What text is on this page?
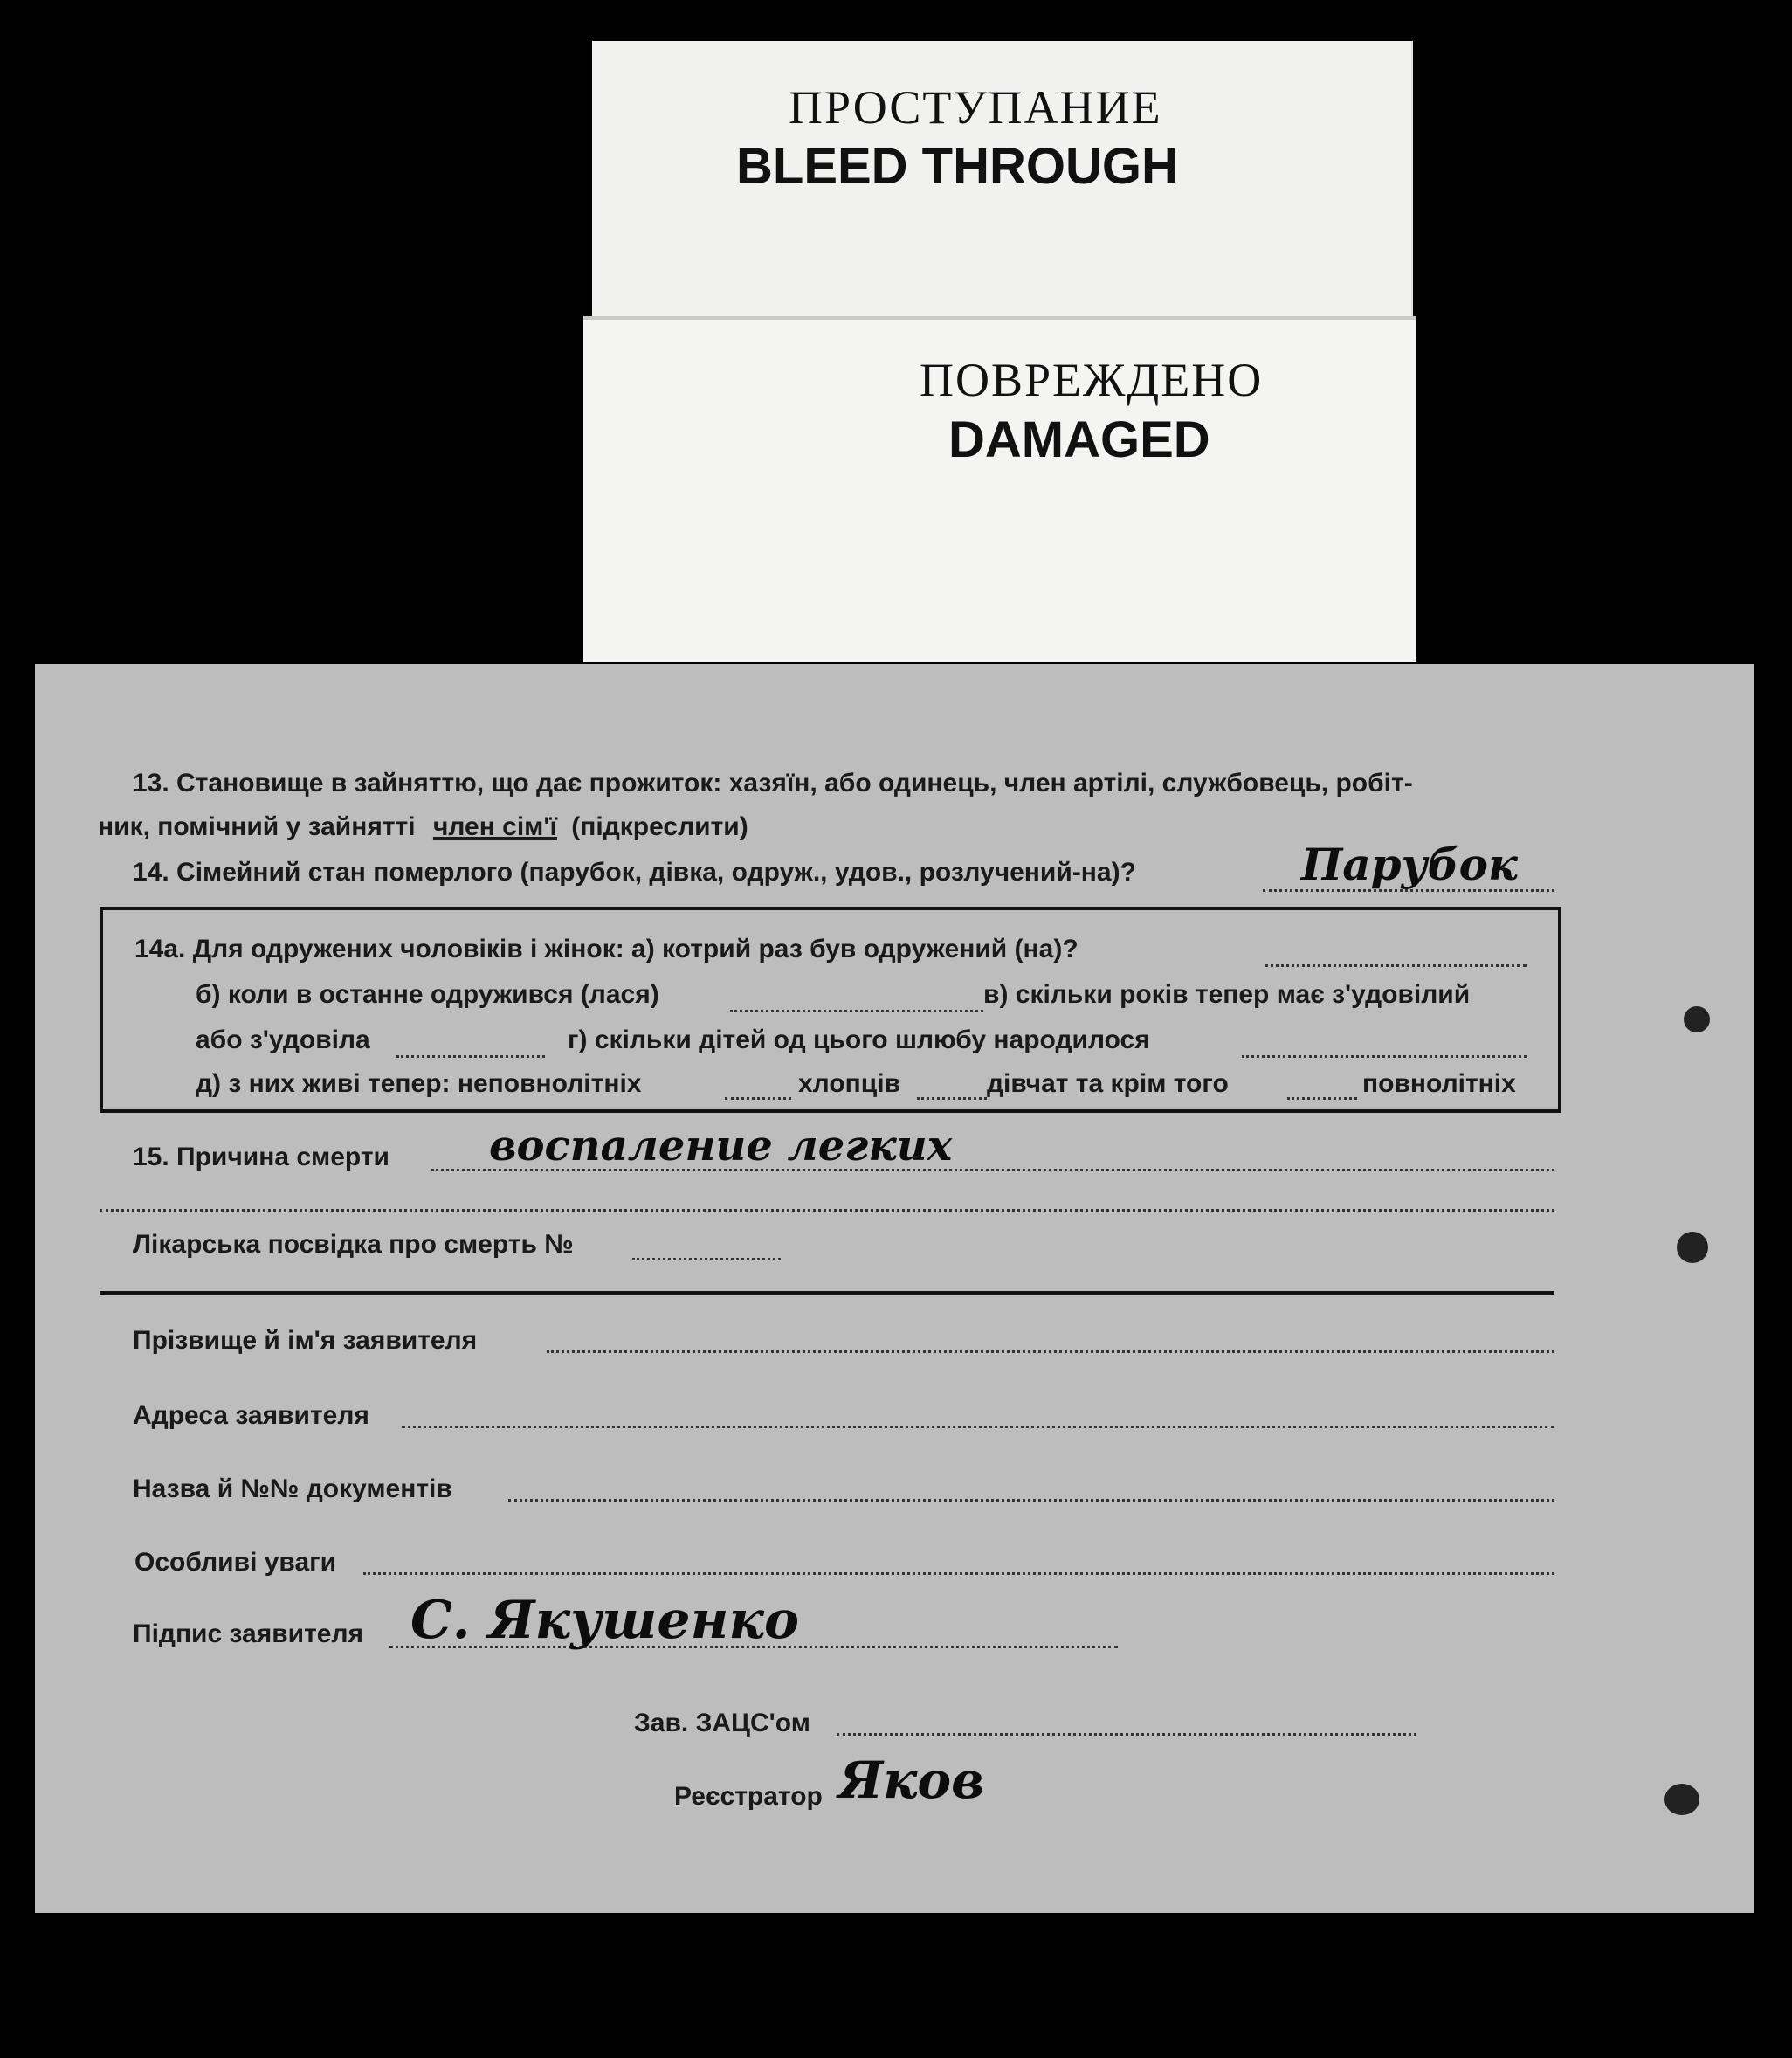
ПРОСТУПАНИЕ
BLEED THROUGH
ПОВРЕЖДЕНО
DAMAGED
13. Становище в зайняттю, що дає прожиток: хазяїн, або одинець, член артілі, службовець, робіт-
ник, помічний у зайнятті член сім'ї (підкреслити)
14. Сімейний стан померлого (парубок, дівка, одруж., удов., розлучений-на)?	Парубок
14а. Для одружених чоловіків і жінок: а) котрий раз був одружений (на)?
б) коли в останне одружився (лася)	в) скільки років тепер має з'удовілий
або з'удовіла	г) скільки дітей од цього шлюбу народилося
д) з них живі тепер: неповнолітніх	хлопців	дівчат та крім того	повнолітніх
15. Причина смерти воспаление легких
Лікарська посвідка про смерть №
Прізвище й ім'я заявителя
Адреса заявителя
Назва й №№ документів
Особливі уваги
Підпис заявителя С. Якушенко
Зав. ЗАЦС'ом
Реєстратор Яков
